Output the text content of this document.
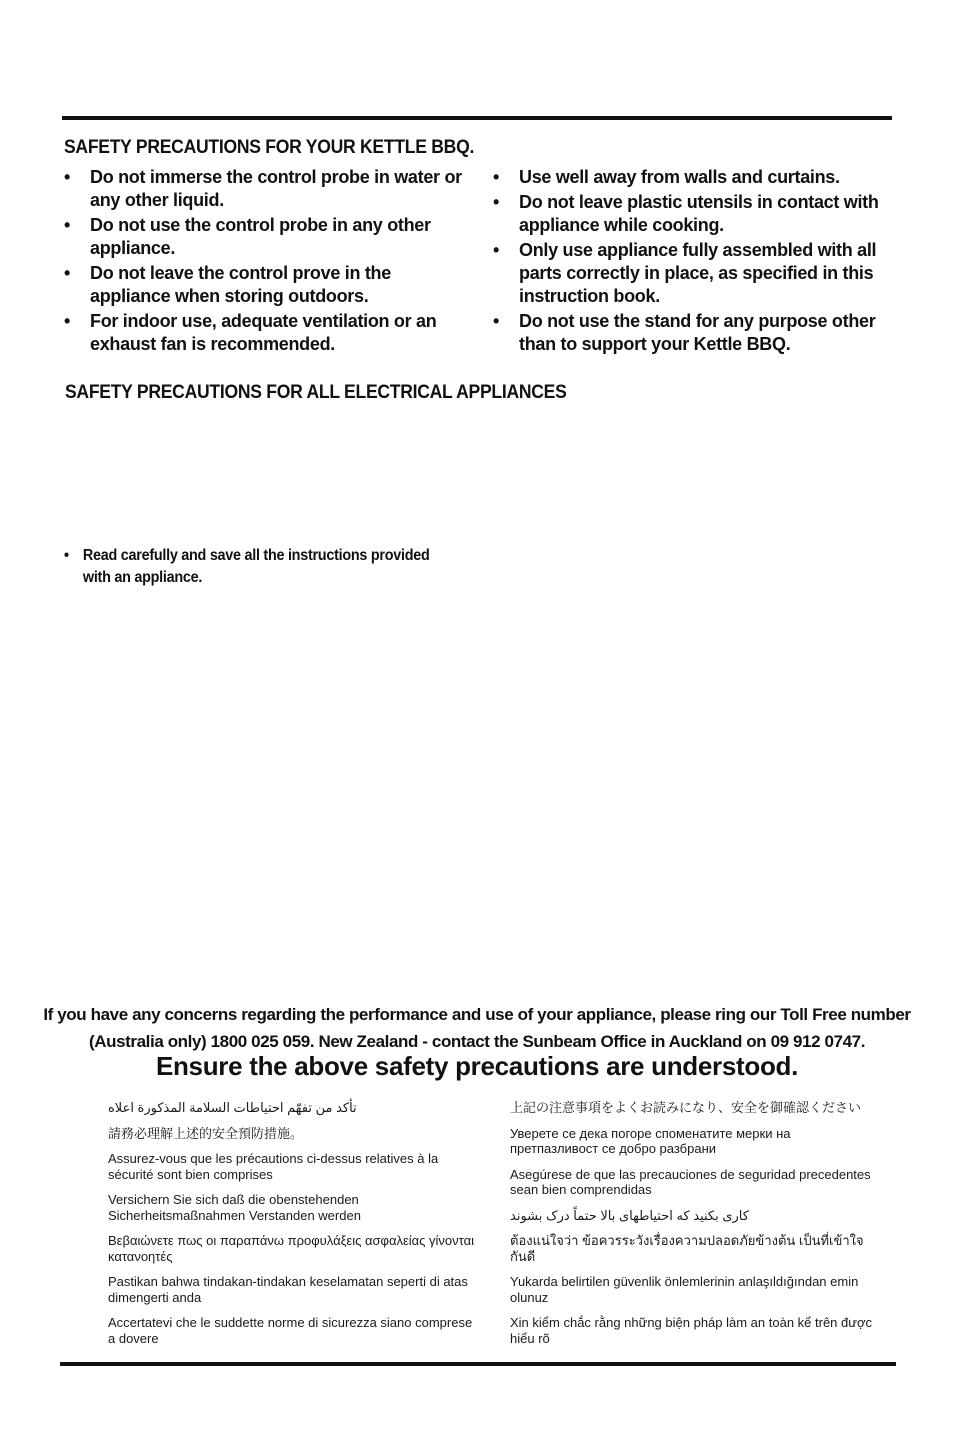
SAFETY PRECAUTIONS FOR YOUR KETTLE BBQ.
• Do not immerse the control probe in water or any other liquid.
• Do not use the control probe in any other appliance.
• Do not leave the control prove in the appliance when storing outdoors.
• For indoor use, adequate ventilation or an exhaust fan is recommended.
• Use well away from walls and curtains.
• Do not leave plastic utensils in contact with appliance while cooking.
• Only use appliance fully assembled with all parts correctly in place, as specified in this instruction book.
• Do not use the stand for any purpose other than to support your Kettle BBQ.
SAFETY PRECAUTIONS FOR ALL ELECTRICAL APPLIANCES
• Read carefully and save all the instructions provided with an appliance.

If you have any concerns regarding the performance and use of your appliance, please ring our Toll Free number (Australia only) 1800 025 059. New Zealand - contact the Sunbeam Office in Auckland on 09 912 0747.

Ensure the above safety precautions are understood.

تأكد من تفهّم احتياطات السلامة المذكورة اعلاه
請務必理解上述的安全預防措施。
Assurez-vous que les précautions ci-dessus relatives à la sécurité sont bien comprises
Versichern Sie sich daß die obenstehenden Sicherheitsmaßnahmen Verstanden werden
Βεβαιώνετε πως οι παραπάνω προφυλάξεις ασφαλείας γίνονται κατανοητές
Pastikan bahwa tindakan-tindakan keselamatan seperti di atas dimengerti anda
Accertatevi che le suddette norme di sicurezza siano comprese a dovere
上記の注意事項をよくお読みになり、安全を御確認ください
Уверете се дека погоре споменатите мерки на претпазливост се добро разбрани
Asegúrese de que las precauciones de seguridad precedentes sean bien comprendidas
کاری بکنید که احتیاطهای بالا حتماً درک بشوند
ต้องแน่ใจว่า ข้อควรระวังเรื่องความปลอดภัยข้างต้น เป็นที่เข้าใจกันดี
Yukarda belirtilen güvenlik önlemlerinin anlaşıldığından emin olunuz
Xin kiểm chắc rằng những biện pháp làm an toàn kể trên được hiểu rõ
